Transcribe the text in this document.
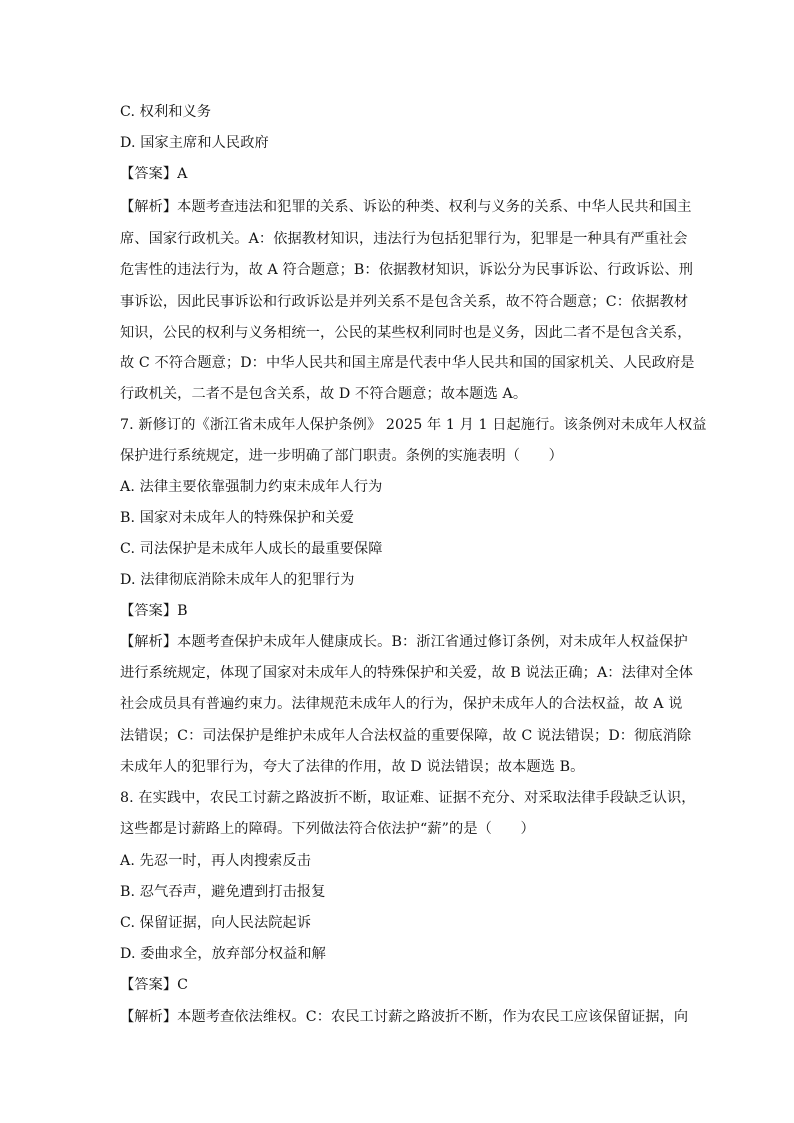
C. 权利和义务
D. 国家主席和人民政府
【答案】A
【解析】本题考查违法和犯罪的关系、诉讼的种类、权利与义务的关系、中华人民共和国主
席、国家行政机关。A：依据教材知识，违法行为包括犯罪行为，犯罪是一种具有严重社会
危害性的违法行为，故 A 符合题意；B：依据教材知识，诉讼分为民事诉讼、行政诉讼、刑
事诉讼，因此民事诉讼和行政诉讼是并列关系不是包含关系，故不符合题意；C：依据教材
知识，公民的权利与义务相统一，公民的某些权利同时也是义务，因此二者不是包含关系，
故 C 不符合题意；D：中华人民共和国主席是代表中华人民共和国的国家机关、人民政府是
行政机关，二者不是包含关系，故 D 不符合题意；故本题选 A。
7. 新修订的《浙江省未成年人保护条例》 2025 年 1 月 1 日起施行。该条例对未成年人权益
保护进行系统规定，进一步明确了部门职责。条例的实施表明（　　）
A. 法律主要依靠强制力约束未成年人行为
B. 国家对未成年人的特殊保护和关爱
C. 司法保护是未成年人成长的最重要保障
D. 法律彻底消除未成年人的犯罪行为
【答案】B
【解析】本题考查保护未成年人健康成长。B：浙江省通过修订条例，对未成年人权益保护
进行系统规定，体现了国家对未成年人的特殊保护和关爱，故 B 说法正确；A：法律对全体
社会成员具有普遍约束力。法律规范未成年人的行为，保护未成年人的合法权益，故 A 说
法错误；C：司法保护是维护未成年人合法权益的重要保障，故 C 说法错误；D：彻底消除
未成年人的犯罪行为，夸大了法律的作用，故 D 说法错误；故本题选 B。
8. 在实践中，农民工讨薪之路波折不断，取证难、证据不充分、对采取法律手段缺乏认识，
这些都是讨薪路上的障碍。下列做法符合依法护“薪”的是（　　）
A. 先忍一时，再人肉搜索反击
B. 忍气吞声，避免遭到打击报复
C. 保留证据，向人民法院起诉
D. 委曲求全，放弃部分权益和解
【答案】C
【解析】本题考查依法维权。C：农民工讨薪之路波折不断，作为农民工应该保留证据，向
